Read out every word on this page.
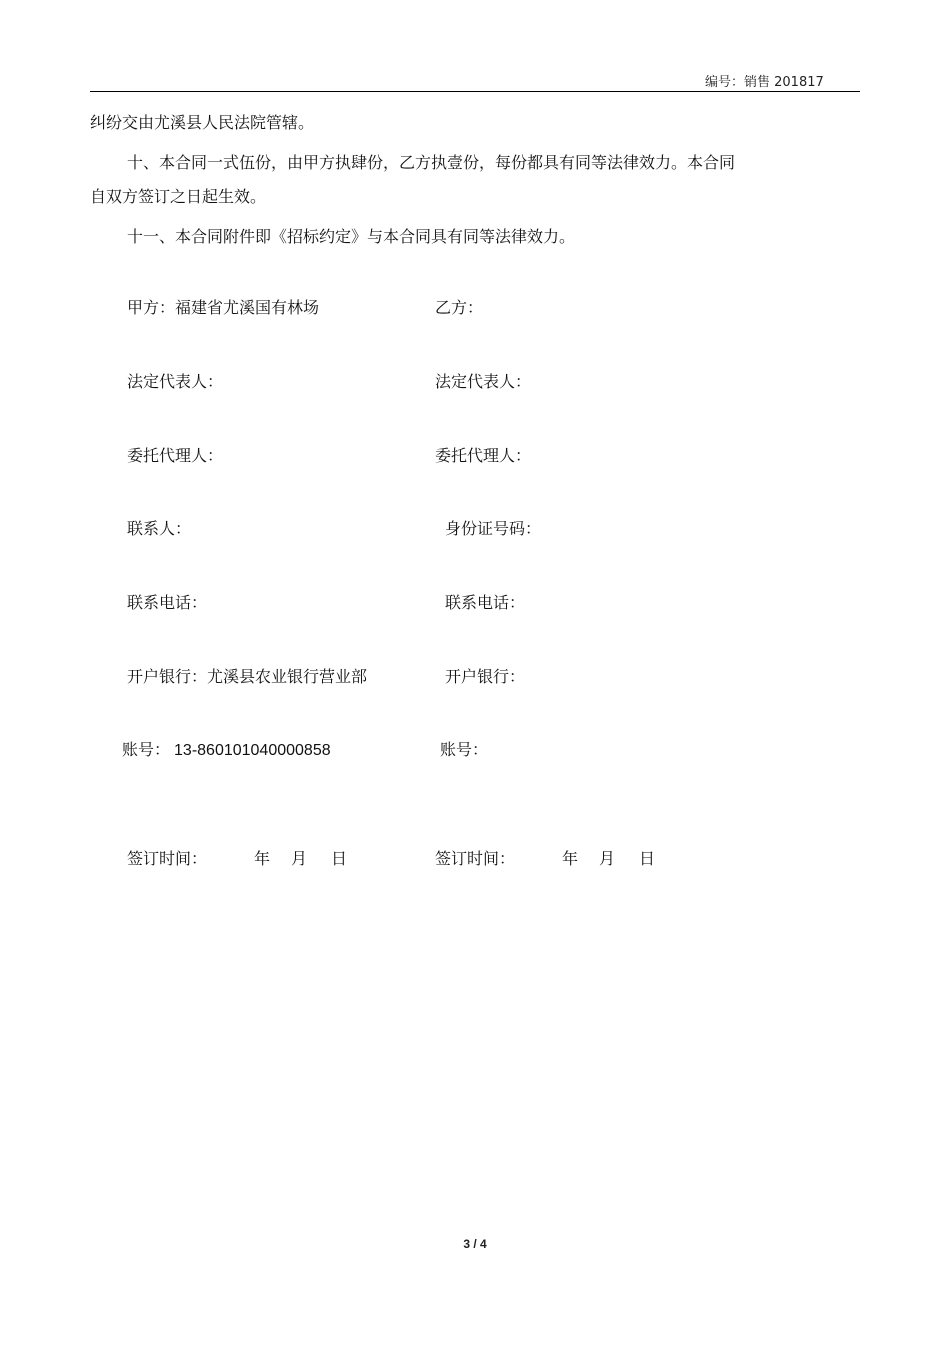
编号：销售 201817
纠纷交由尤溪县人民法院管辖。
十、本合同一式伍份，由甲方执肆份，乙方执壹份，每份都具有同等法律效力。本合同
自双方签订之日起生效。
十一、本合同附件即《招标约定》与本合同具有同等法律效力。
甲方：福建省尤溪国有林场
法定代表人：
委托代理人：
联系人：
联系电话：
开户银行：尤溪县农业银行营业部
账号： 13-860101040000858
签订时间：	年 月 日
乙方：
法定代表人：
委托代理人：
身份证号码：
联系电话：
开户银行：
账号：
签订时间：	年 月 日
3 / 4
